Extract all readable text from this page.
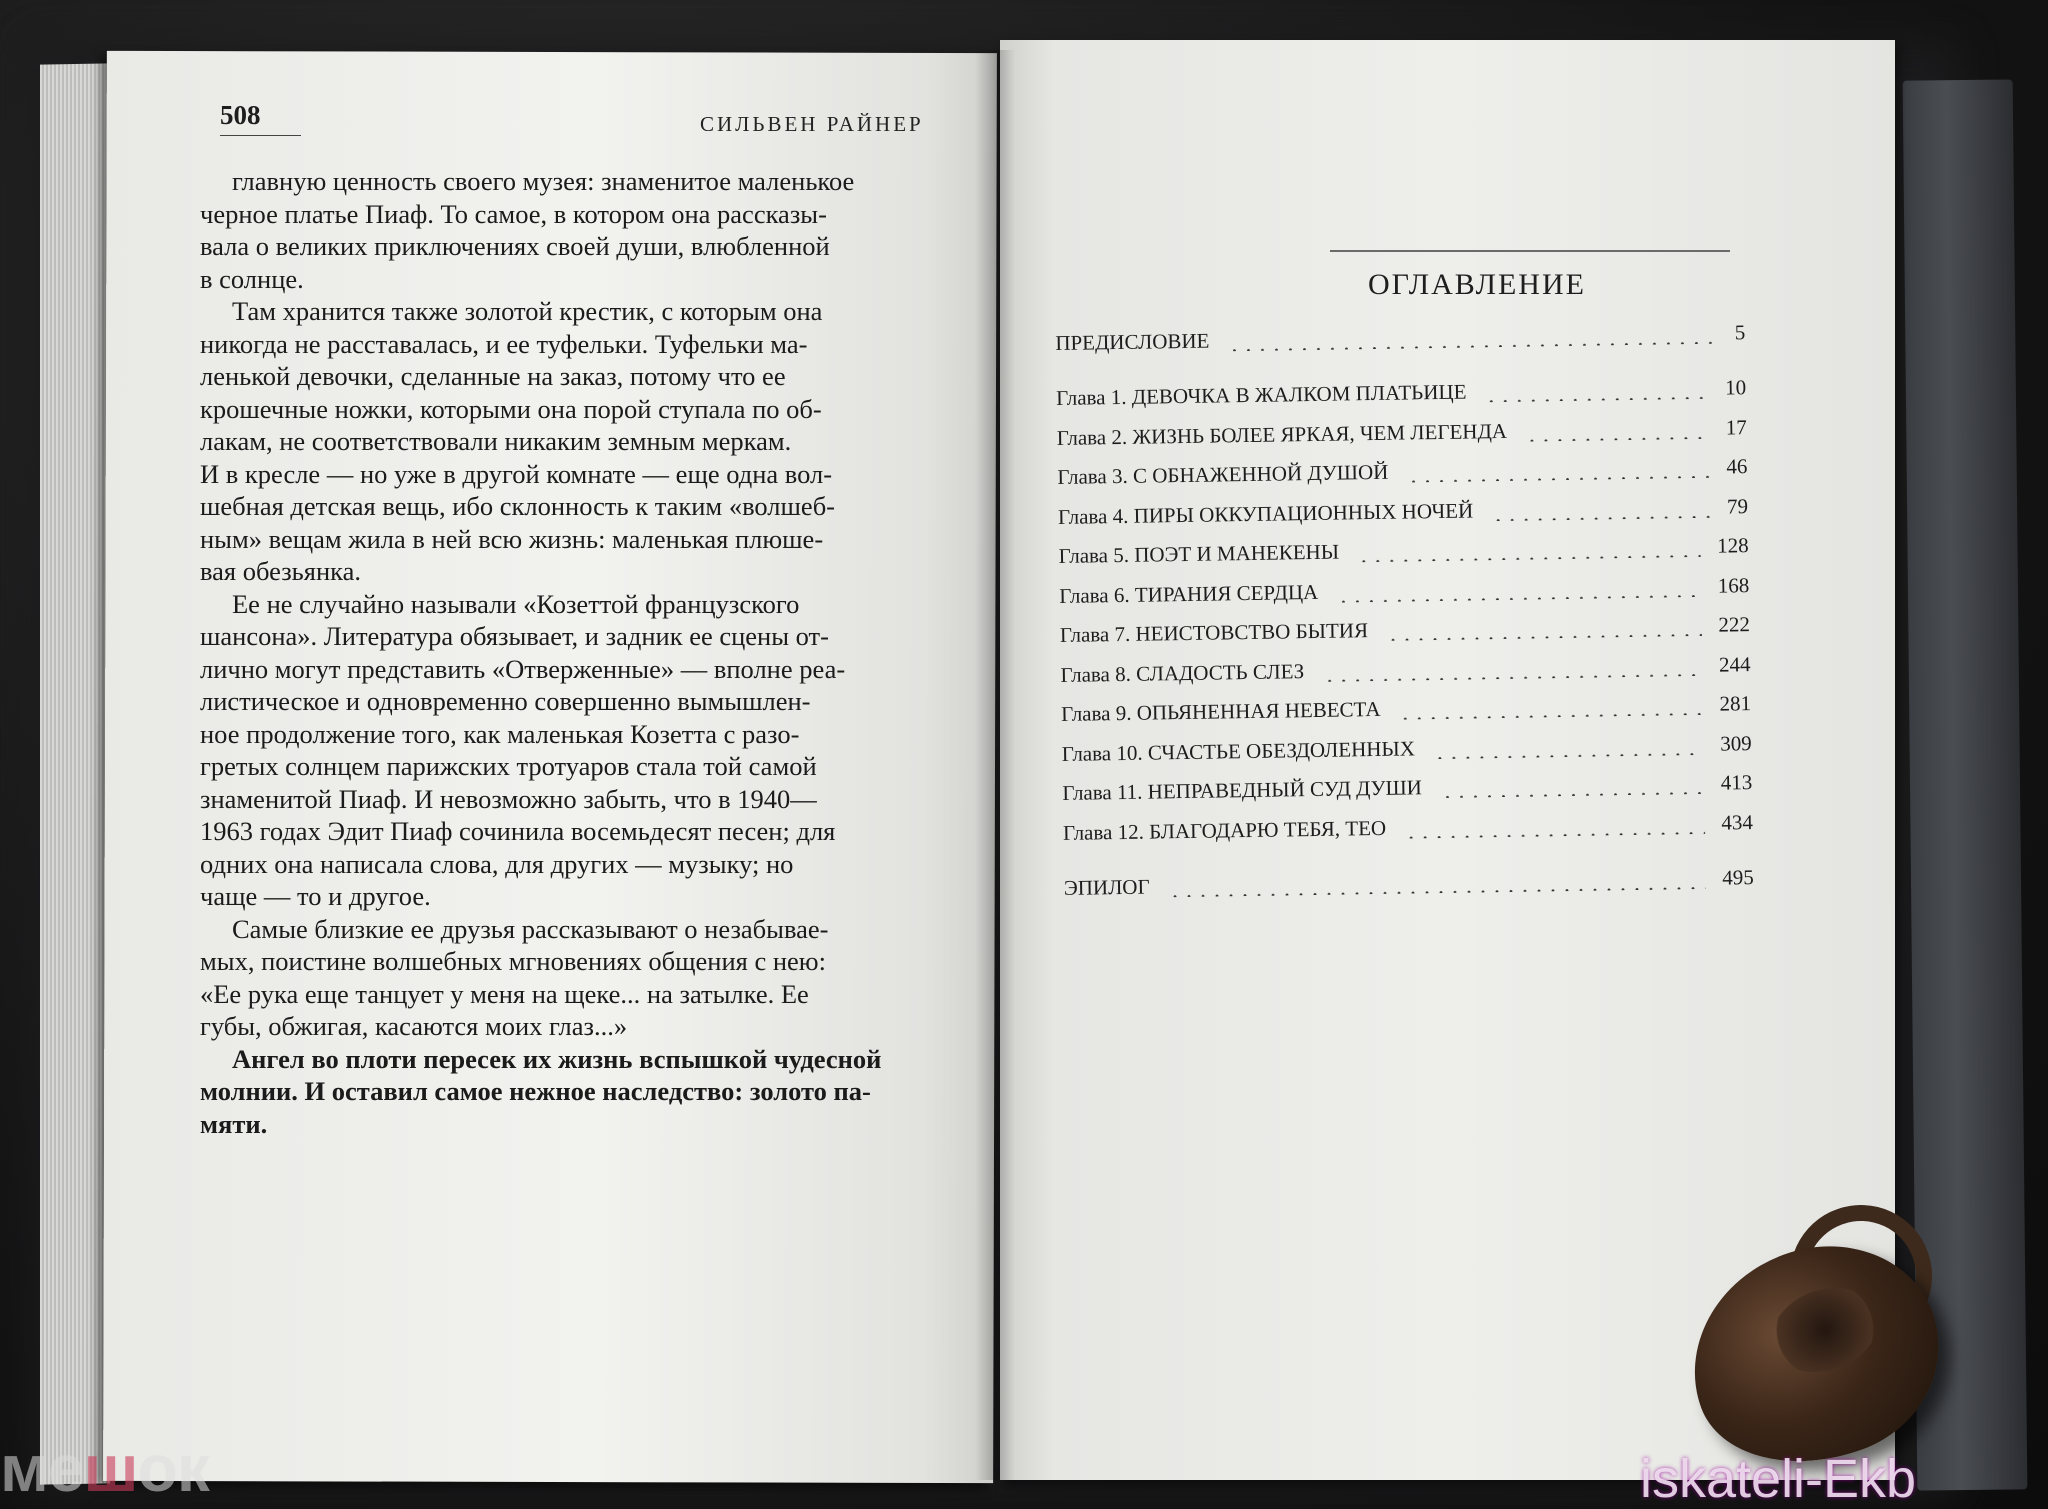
508	СИЛЬВЕН РАЙНЕР

главную ценность своего музея: знаменитое маленькое
черное платье Пиаф. То самое, в котором она рассказы-
вала о великих приключениях своей души, влюбленной
в солнце.

Там хранится также золотой крестик, с которым она
никогда не расставалась, и ее туфельки. Туфельки ма-
ленькой девочки, сделанные на заказ, потому что ее
крошечные ножки, которыми она порой ступала по об-
лакам, не соответствовали никаким земным меркам.
И в кресле — но уже в другой комнате — еще одна вол-
шебная детская вещь, ибо склонность к таким «волшеб-
ным» вещам жила в ней всю жизнь: маленькая плюше-
вая обезьянка.

Ее не случайно называли «Козеттой французского
шансона». Литература обязывает, и задник ее сцены от-
лично могут представить «Отверженные» — вполне реа-
листическое и одновременно совершенно вымышлен-
ное продолжение того, как маленькая Козетта с разо-
гретых солнцем парижских тротуаров стала той самой
знаменитой Пиаф. И невозможно забыть, что в 1940—
1963 годах Эдит Пиаф сочинила восемьдесят песен; для
одних она написала слова, для других — музыку; но
чаще — то и другое.

Самые близкие ее друзья рассказывают о незабывае-
мых, поистине волшебных мгновениях общения с нею:
«Ее рука еще танцует у меня на щеке... на затылке. Ее
губы, обжигая, касаются моих глаз...»

Ангел во плоти пересек их жизнь вспышкой чудесной
молнии. И оставил самое нежное наследство: золото па-
мяти.

ОГЛАВЛЕНИЕ
ПРЕДИСЛОВИЕ	5
Глава 1. ДЕВОЧКА В ЖАЛКОМ ПЛАТЬИЦЕ	10
Глава 2. ЖИЗНЬ БОЛЕЕ ЯРКАЯ, ЧЕМ ЛЕГЕНДА	17
Глава 3. С ОБНАЖЕННОЙ ДУШОЙ	46
Глава 4. ПИРЫ ОККУПАЦИОННЫХ НОЧЕЙ	79
Глава 5. ПОЭТ И МАНЕКЕНЫ	128
Глава 6. ТИРАНИЯ СЕРДЦА	168
Глава 7. НЕИСТОВСТВО БЫТИЯ	222
Глава 8. СЛАДОСТЬ СЛЕЗ	244
Глава 9. ОПЬЯНЕННАЯ НЕВЕСТА	281
Глава 10. СЧАСТЬЕ ОБЕЗДОЛЕННЫХ	309
Глава 11. НЕПРАВЕДНЫЙ СУД ДУШИ	413
Глава 12. БЛАГОДАРЮ ТЕБЯ, ТЕО	434
ЭПИЛОГ	495
мешок	iskateli-Ekb
